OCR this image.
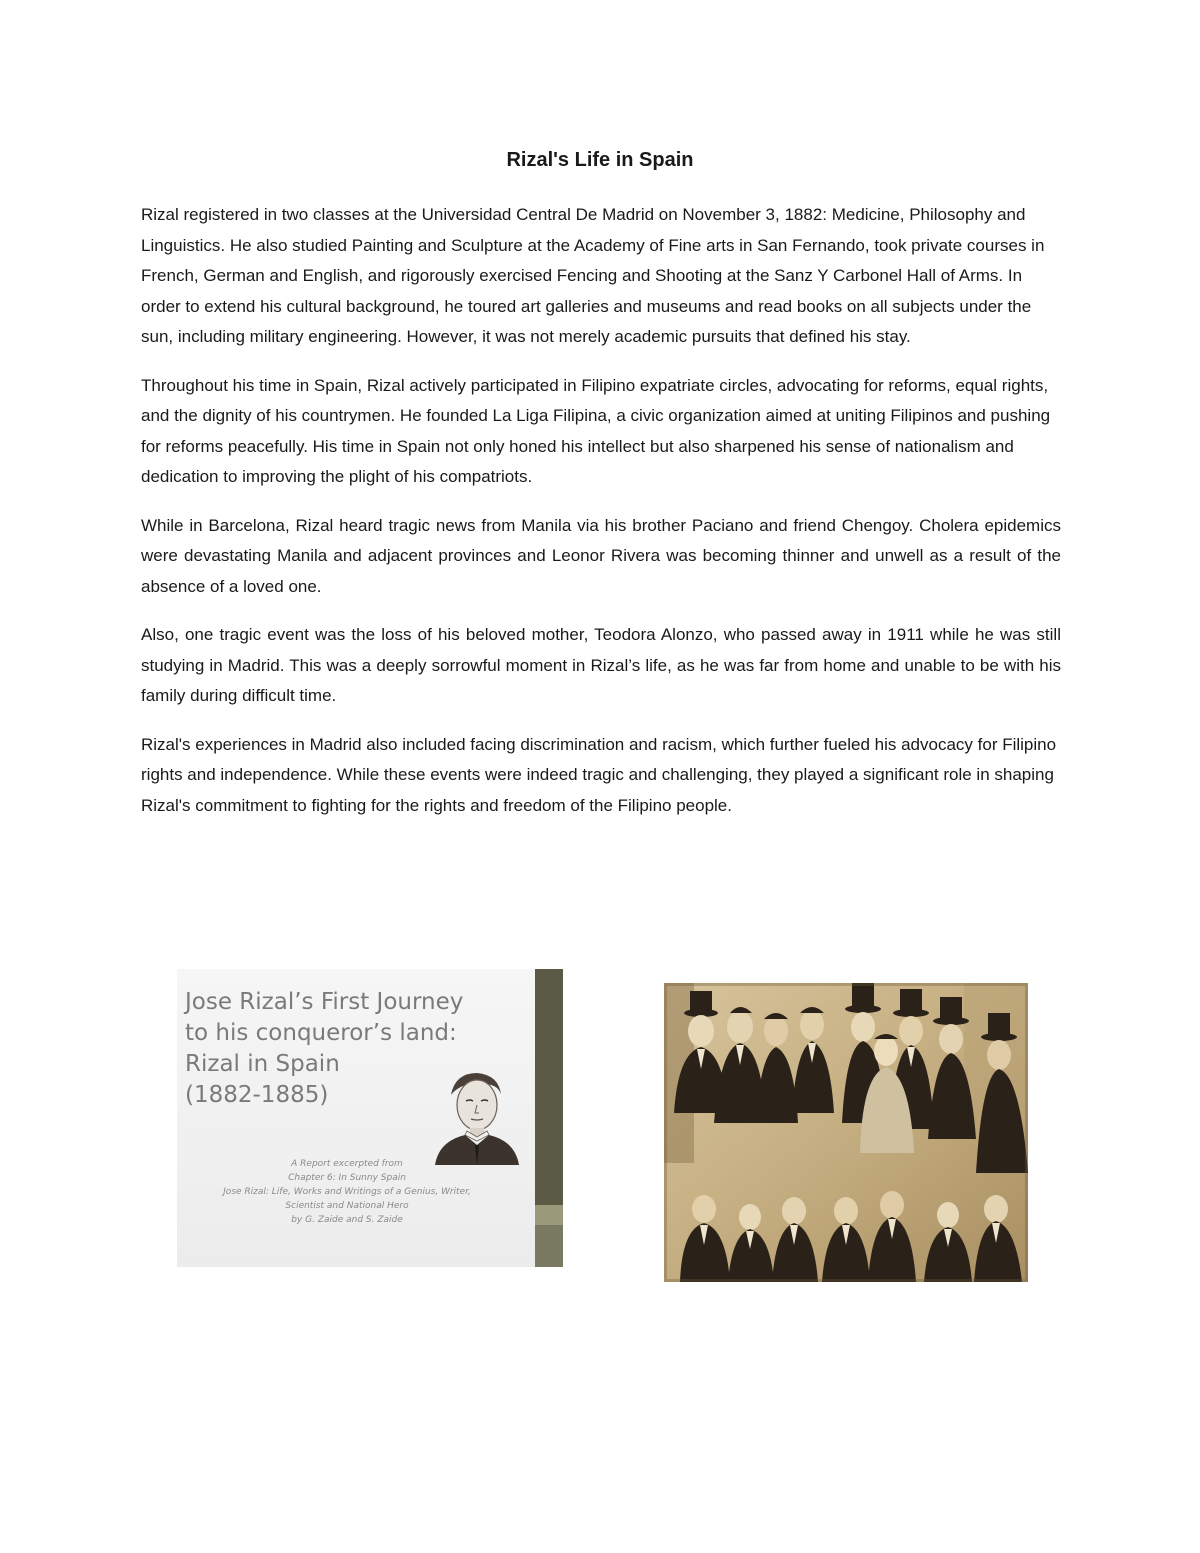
Rizal's Life in Spain

Rizal registered in two classes at the Universidad Central De Madrid on November 3, 1882: Medicine, Philosophy and Linguistics. He also studied Painting and Sculpture at the Academy of Fine arts in San Fernando, took private courses in French, German and English, and rigorously exercised Fencing and Shooting at the Sanz Y Carbonel Hall of Arms. In order to extend his cultural background, he toured art galleries and museums and read books on all subjects under the sun, including military engineering. However, it was not merely academic pursuits that defined his stay.

Throughout his time in Spain, Rizal actively participated in Filipino expatriate circles, advocating for reforms, equal rights, and the dignity of his countrymen. He founded La Liga Filipina, a civic organization aimed at uniting Filipinos and pushing for reforms peacefully. His time in Spain not only honed his intellect but also sharpened his sense of nationalism and dedication to improving the plight of his compatriots.

While in Barcelona, Rizal heard tragic news from Manila via his brother Paciano and friend Chengoy. Cholera epidemics were devastating Manila and adjacent provinces and Leonor Rivera was becoming thinner and unwell as a result of the absence of a loved one.

Also, one tragic event was the loss of his beloved mother, Teodora Alonzo, who passed away in 1911 while he was still studying in Madrid. This was a deeply sorrowful moment in Rizal’s life, as he was far from home and unable to be with his family during difficult time.

Rizal's experiences in Madrid also included facing discrimination and racism, which further fueled his advocacy for Filipino rights and independence. While these events were indeed tragic and challenging, they played a significant role in shaping Rizal's commitment to fighting for the rights and freedom of the Filipino people.

Jose Rizal’s First Journey
to his conqueror’s land:
Rizal in Spain
(1882-1885)
A Report excerpted from
Chapter 6: In Sunny Spain
Jose Rizal: Life, Works and Writings of a Genius, Writer,
Scientist and National Hero
by G. Zaide and S. Zaide
